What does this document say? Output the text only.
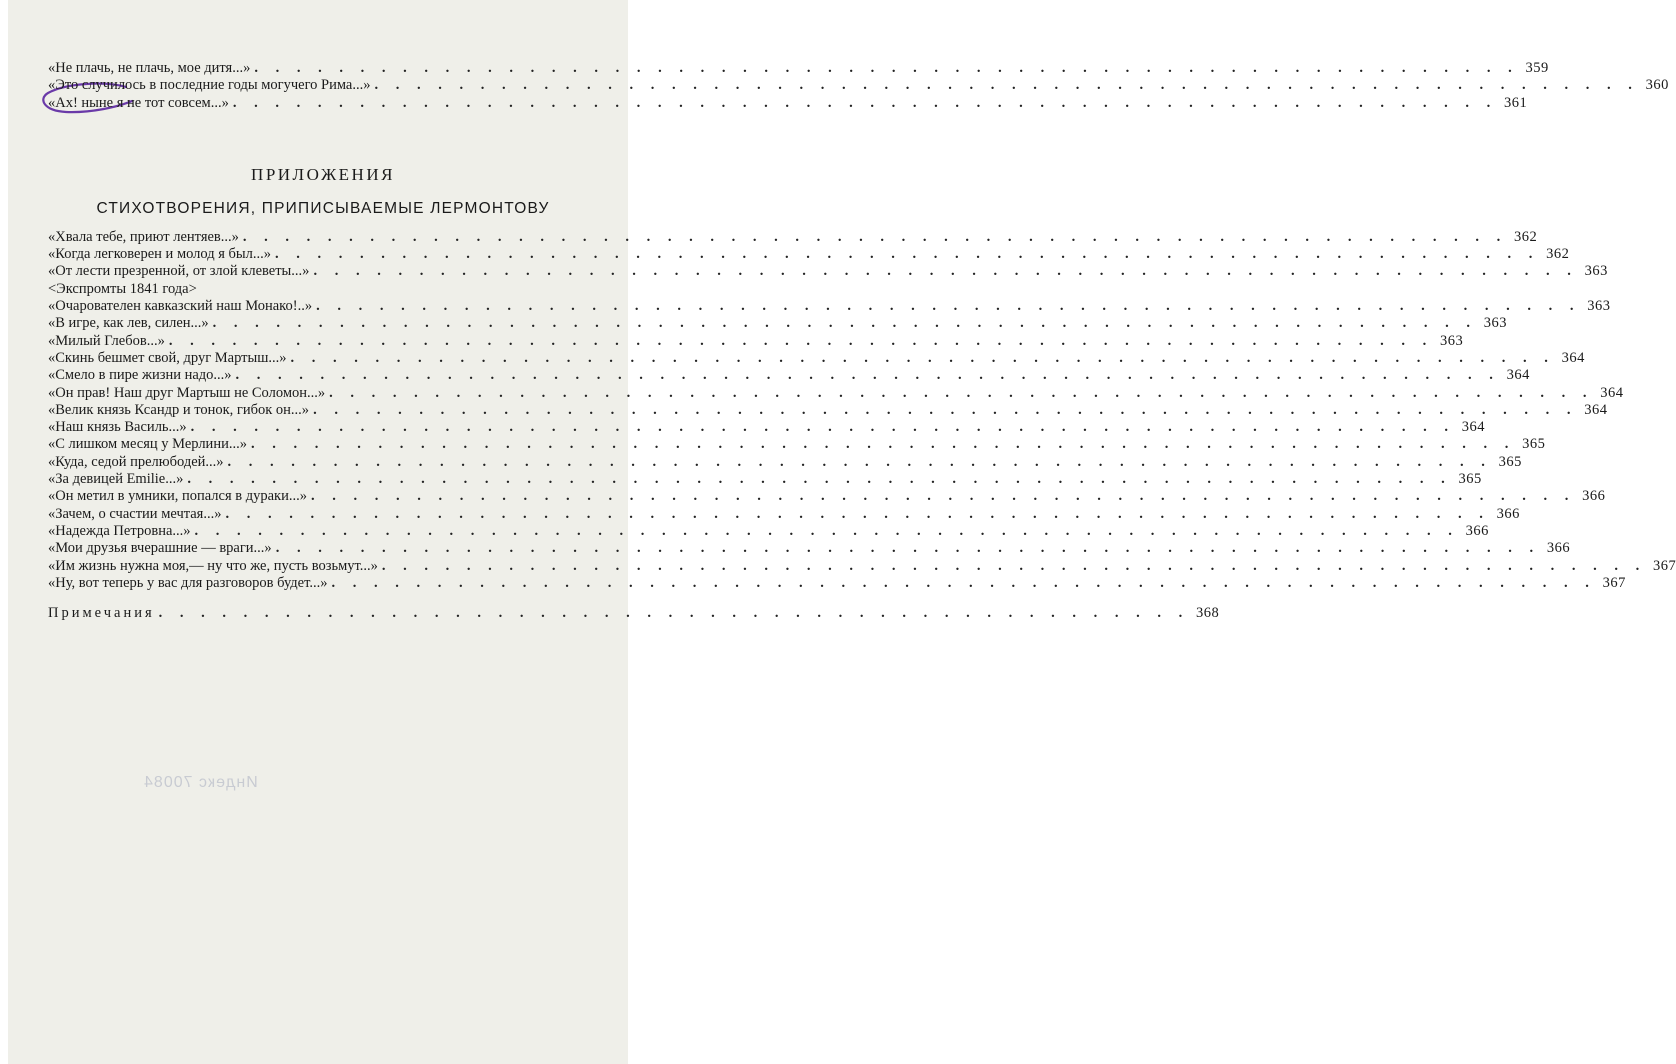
«Не плачь, не плачь, мое дитя...» . . . . . . . . . . . . . . . . . . . . . . . . . . . . . . . . . . . . . . . . . . . . . . . . . . . . . . . . . . . . 359
«Это случилось в последние годы могучего Рима...» . . . . . . . . . . . . . . . . . . . . . . . . . . . . . . . . . . . . . . . . . . . . . . . . . . . . . . . . . . . . 360
«Ах! ныне я не тот совсем...» . . . . . . . . . . . . . . . . . . . . . . . . . . . . . . . . . . . . . . . . . . . . . . . . . . . . . . . . . . . . 361
ПРИЛОЖЕНИЯ
СТИХОТВОРЕНИЯ, ПРИПИСЫВАЕМЫЕ ЛЕРМОНТОВУ
«Хвала тебе, приют лентяев...» . . . . . . . . . . . . . . . . . . . . . . . . . . . . . . . . . . . . . . . . . . . . . . . . . . . . . . . . . . . . 362
«Когда легковерен и молод я был...» . . . . . . . . . . . . . . . . . . . . . . . . . . . . . . . . . . . . . . . . . . . . . . . . . . . . . . . . . . . . 362
«От лести презренной, от злой клеветы...» . . . . . . . . . . . . . . . . . . . . . . . . . . . . . . . . . . . . . . . . . . . . . . . . . . . . . . . . . . . . 363
<Экспромты 1841 года>
«Очарователен кавказский наш Монако!..» . . . . . . . . . . . . . . . . . . . . . . . . . . . . . . . . . . . . . . . . . . . . . . . . . . . . . . . . . . . . 363
«В игре, как лев, силен...» . . . . . . . . . . . . . . . . . . . . . . . . . . . . . . . . . . . . . . . . . . . . . . . . . . . . . . . . . . . . 363
«Милый Глебов...» . . . . . . . . . . . . . . . . . . . . . . . . . . . . . . . . . . . . . . . . . . . . . . . . . . . . . . . . . . . . 363
«Скинь бешмет свой, друг Мартыш...» . . . . . . . . . . . . . . . . . . . . . . . . . . . . . . . . . . . . . . . . . . . . . . . . . . . . . . . . . . . . 364
«Смело в пире жизни надо...» . . . . . . . . . . . . . . . . . . . . . . . . . . . . . . . . . . . . . . . . . . . . . . . . . . . . . . . . . . . . 364
«Он прав! Наш друг Мартыш не Соломон...» . . . . . . . . . . . . . . . . . . . . . . . . . . . . . . . . . . . . . . . . . . . . . . . . . . . . . . . . . . . . 364
«Велик князь Ксандр и тонок, гибок он...» . . . . . . . . . . . . . . . . . . . . . . . . . . . . . . . . . . . . . . . . . . . . . . . . . . . . . . . . . . . . 364
«Наш князь Василь...» . . . . . . . . . . . . . . . . . . . . . . . . . . . . . . . . . . . . . . . . . . . . . . . . . . . . . . . . . . . . 364
«С лишком месяц у Мерлини...» . . . . . . . . . . . . . . . . . . . . . . . . . . . . . . . . . . . . . . . . . . . . . . . . . . . . . . . . . . . . 365
«Куда, седой прелюбодей...» . . . . . . . . . . . . . . . . . . . . . . . . . . . . . . . . . . . . . . . . . . . . . . . . . . . . . . . . . . . . 365
«За девицей Emilie...» . . . . . . . . . . . . . . . . . . . . . . . . . . . . . . . . . . . . . . . . . . . . . . . . . . . . . . . . . . . . 365
«Он метил в умники, попался в дураки...» . . . . . . . . . . . . . . . . . . . . . . . . . . . . . . . . . . . . . . . . . . . . . . . . . . . . . . . . . . . . 366
«Зачем, о счастии мечтая...» . . . . . . . . . . . . . . . . . . . . . . . . . . . . . . . . . . . . . . . . . . . . . . . . . . . . . . . . . . . . 366
«Надежда Петровна...» . . . . . . . . . . . . . . . . . . . . . . . . . . . . . . . . . . . . . . . . . . . . . . . . . . . . . . . . . . . . 366
«Мои друзья вчерашние — враги...» . . . . . . . . . . . . . . . . . . . . . . . . . . . . . . . . . . . . . . . . . . . . . . . . . . . . . . . . . . . . 366
«Им жизнь нужна моя,— ну что же, пусть возьмут...» . . . . . . . . . . . . . . . . . . . . . . . . . . . . . . . . . . . . . . . . . . . . . . . . . . . . . . . . . . . . 367
«Ну, вот теперь у вас для разговоров будет...» . . . . . . . . . . . . . . . . . . . . . . . . . . . . . . . . . . . . . . . . . . . . . . . . . . . . . . . . . . . . 367
Примечания . . . . . . . . . . . . . . . . . . . . . . . . . . . . . . . . . . . . . . . . . . . . . . . . . 368
Индекс 70084
